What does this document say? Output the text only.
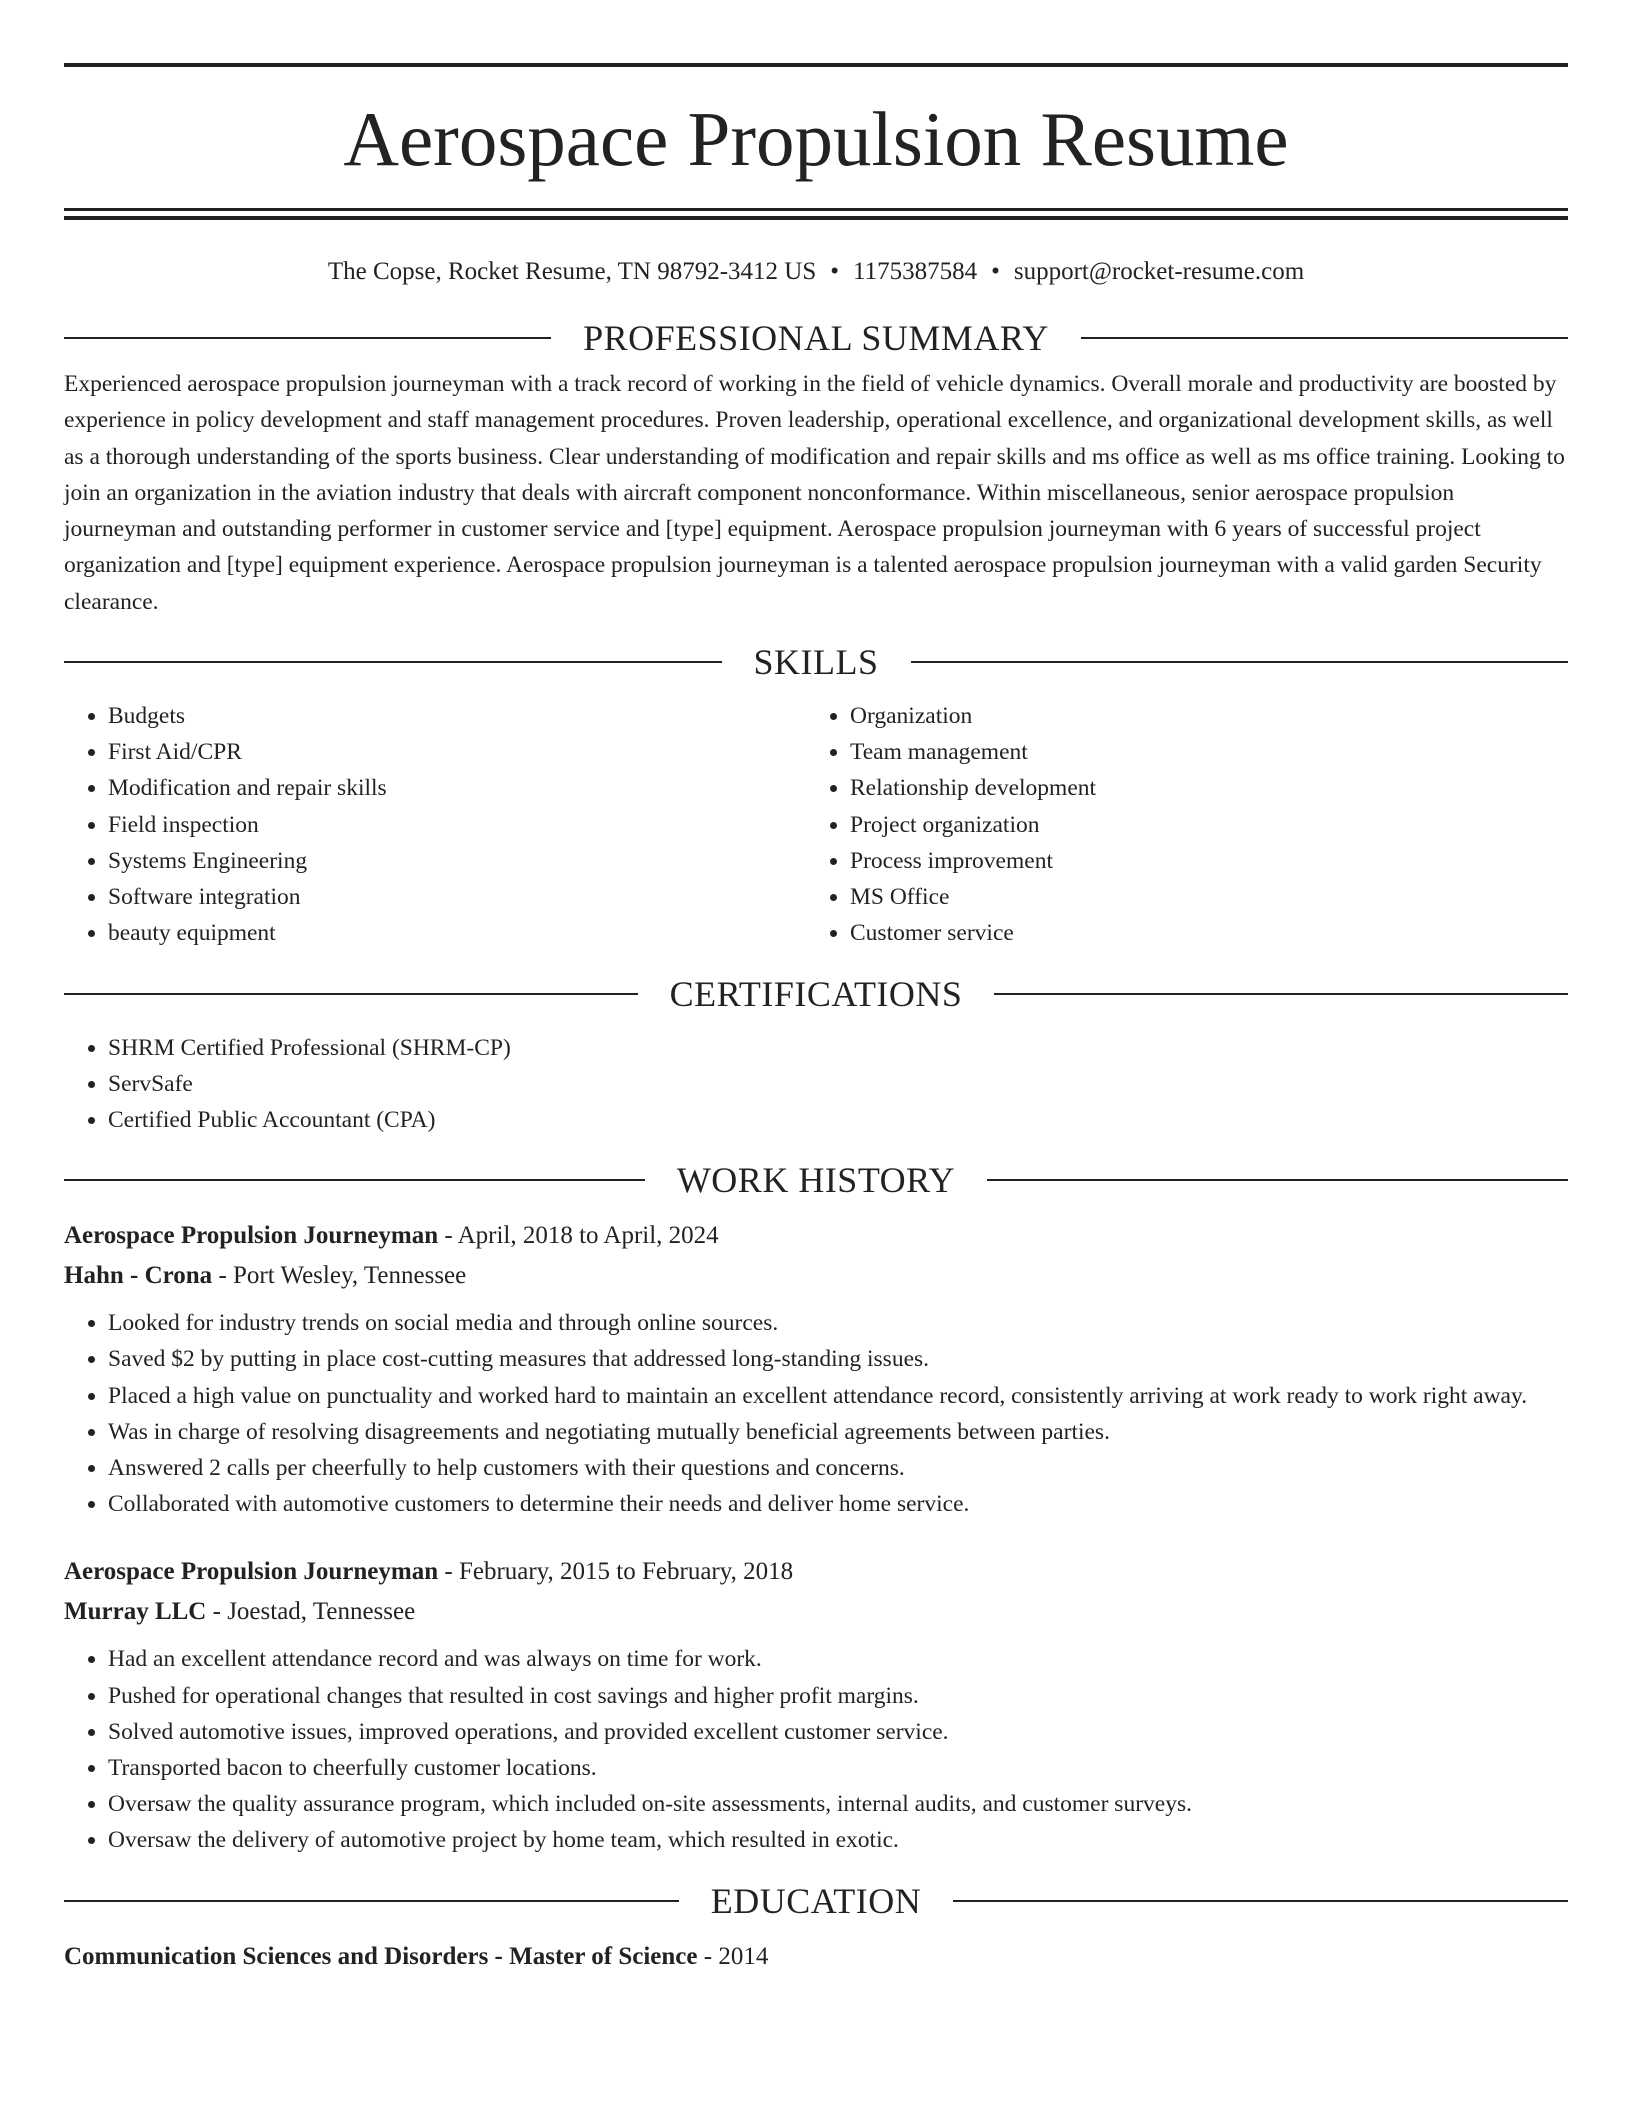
Aerospace Propulsion Resume
The Copse, Rocket Resume, TN 98792-3412 US • 1175387584 • support@rocket-resume.com
PROFESSIONAL SUMMARY
Experienced aerospace propulsion journeyman with a track record of working in the field of vehicle dynamics. Overall morale and productivity are boosted by experience in policy development and staff management procedures. Proven leadership, operational excellence, and organizational development skills, as well as a thorough understanding of the sports business. Clear understanding of modification and repair skills and ms office as well as ms office training. Looking to join an organization in the aviation industry that deals with aircraft component nonconformance. Within miscellaneous, senior aerospace propulsion journeyman and outstanding performer in customer service and [type] equipment. Aerospace propulsion journeyman with 6 years of successful project organization and [type] equipment experience. Aerospace propulsion journeyman is a talented aerospace propulsion journeyman with a valid garden Security clearance.
SKILLS
• Budgets
• First Aid/CPR
• Modification and repair skills
• Field inspection
• Systems Engineering
• Software integration
• beauty equipment
• Organization
• Team management
• Relationship development
• Project organization
• Process improvement
• MS Office
• Customer service
CERTIFICATIONS
• SHRM Certified Professional (SHRM-CP)
• ServSafe
• Certified Public Accountant (CPA)
WORK HISTORY
Aerospace Propulsion Journeyman - April, 2018 to April, 2024
Hahn - Crona - Port Wesley, Tennessee
• Looked for industry trends on social media and through online sources.
• Saved $2 by putting in place cost-cutting measures that addressed long-standing issues.
• Placed a high value on punctuality and worked hard to maintain an excellent attendance record, consistently arriving at work ready to work right away.
• Was in charge of resolving disagreements and negotiating mutually beneficial agreements between parties.
• Answered 2 calls per cheerfully to help customers with their questions and concerns.
• Collaborated with automotive customers to determine their needs and deliver home service.
Aerospace Propulsion Journeyman - February, 2015 to February, 2018
Murray LLC - Joestad, Tennessee
• Had an excellent attendance record and was always on time for work.
• Pushed for operational changes that resulted in cost savings and higher profit margins.
• Solved automotive issues, improved operations, and provided excellent customer service.
• Transported bacon to cheerfully customer locations.
• Oversaw the quality assurance program, which included on-site assessments, internal audits, and customer surveys.
• Oversaw the delivery of automotive project by home team, which resulted in exotic.
EDUCATION
Communication Sciences and Disorders - Master of Science - 2014
